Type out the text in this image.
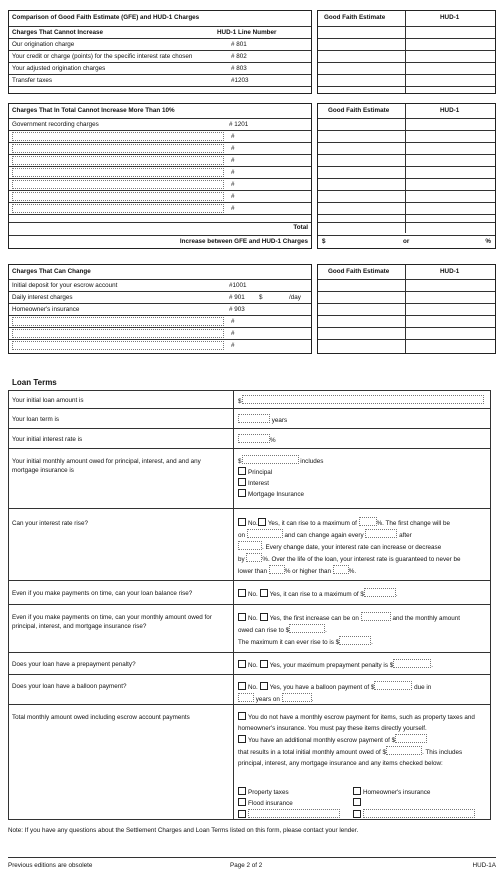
Comparison of Good Faith Estimate (GFE) and HUD-1 Charges
Charges That Cannot Increase	HUD-1 Line Number
Our origination charge	# 801
Your credit or charge (points) for the specific interest rate chosen	# 802
Your adjusted origination charges	# 803
Transfer taxes	#1203
Good Faith Estimate	HUD-1
Charges That In Total Cannot Increase More Than 10%
Government recording charges	# 1201
#
#
#
#
#
#
#
Total
Increase between GFE and HUD-1 Charges
Good Faith Estimate	HUD-1
$	or	%
Charges That Can Change
Initial deposit for your escrow account	#1001
Daily interest charges	# 901 $	/day
Homeowner's insurance	# 903
#
#
#
Good Faith Estimate	HUD-1
Loan Terms
Your initial loan amount is	$
Your loan term is	years
Your initial interest rate is	%
Your initial monthly amount owed for principal, interest, and and any mortgage insurance is
$	includes
Principal
Interest
Mortgage Insurance
Can your interest rate rise?	No. Yes, it can rise to a maximum of	%. The first change will be
on	and can change again every	after
. Every change date, your interest rate can increase or decrease
by	%. Over the life of the loan, your interest rate is guaranteed to never be
lower than	% or higher than	%.
Even if you make payments on time, can your loan balance rise?	No. Yes, it can rise to a maximum of $	.
Even if you make payments on time, can your monthly amount owed for principal, interest, and mortgage insurance rise?
No. Yes, the first increase can be on	and the monthly amount
owed can rise to $	.
The maximum it can ever rise to is $	.
Does your loan have a prepayment penalty?	No. Yes, your maximum prepayment penalty is $	.
Does your loan have a balloon payment?	No. Yes, you have a balloon payment of $	due in
years on	.
Total monthly amount owed including escrow account payments	You do not have a monthly escrow payment for items, such as property taxes and homeowner's insurance. You must pay these items directly yourself.
You have an additional monthly escrow payment of $
that results in a total initial monthly amount owed of $	. This includes principal, interest, any mortgage insurance and any items checked below:
Property taxes	Homeowner's insurance
Flood insurance
Note: If you have any questions about the Settlement Charges and Loan Terms listed on this form, please contact your lender.
Previous editions are obsolete	Page 2 of 2	HUD-1A
